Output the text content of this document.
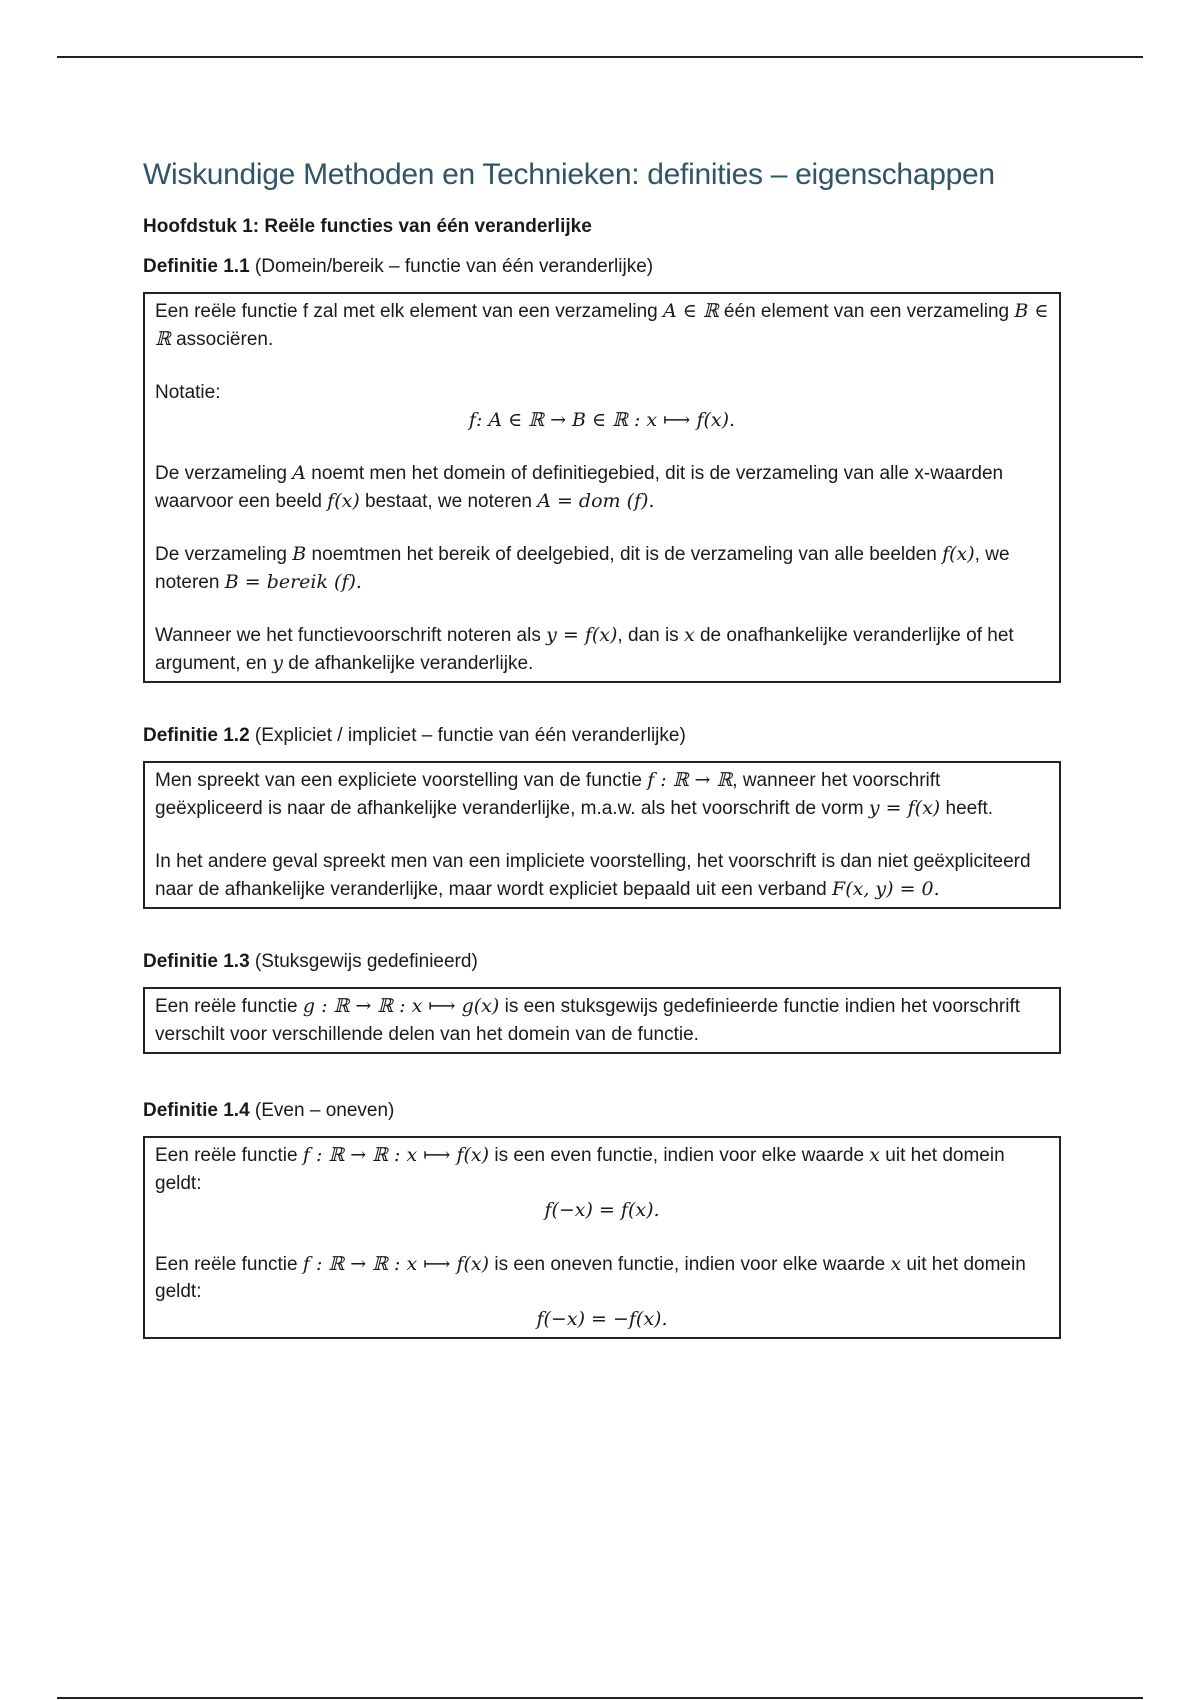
Wiskundige Methoden en Technieken: definities – eigenschappen

Hoofdstuk 1: Reële functies van één veranderlijke

Definitie 1.1 (Domein/bereik – functie van één veranderlijke)

Een reële functie f zal met elk element van een verzameling A ∈ ℝ één element van een verzameling B ∈ ℝ associëren.

Notatie:

f: A ∈ ℝ → B ∈ ℝ : x ⟼ f(x).

De verzameling A noemt men het domein of definitiegebied, dit is de verzameling van alle x-waarden waarvoor een beeld f(x) bestaat, we noteren A = dom (f).

De verzameling B noemtmen het bereik of deelgebied, dit is de verzameling van alle beelden f(x), we noteren B = bereik (f).

Wanneer we het functievoorschrift noteren als y = f(x), dan is x de onafhankelijke veranderlijke of het argument, en y de afhankelijke veranderlijke.

Definitie 1.2 (Expliciet / impliciet – functie van één veranderlijke)

Men spreekt van een expliciete voorstelling van de functie f : ℝ → ℝ, wanneer het voorschrift geëxpliceerd is naar de afhankelijke veranderlijke, m.a.w. als het voorschrift de vorm y = f(x) heeft.

In het andere geval spreekt men van een impliciete voorstelling, het voorschrift is dan niet geëxpliciteerd naar de afhankelijke veranderlijke, maar wordt expliciet bepaald uit een verband F(x, y) = 0.

Definitie 1.3 (Stuksgewijs gedefinieerd)

Een reële functie g : ℝ → ℝ : x ⟼ g(x) is een stuksgewijs gedefinieerde functie indien het voorschrift verschilt voor verschillende delen van het domein van de functie.

Definitie 1.4 (Even – oneven)

Een reële functie f : ℝ → ℝ : x ⟼ f(x) is een even functie, indien voor elke waarde x uit het domein geldt:

f(−x) = f(x).

Een reële functie f : ℝ → ℝ : x ⟼ f(x) is een oneven functie, indien voor elke waarde x uit het domein geldt:

f(−x) = −f(x).
